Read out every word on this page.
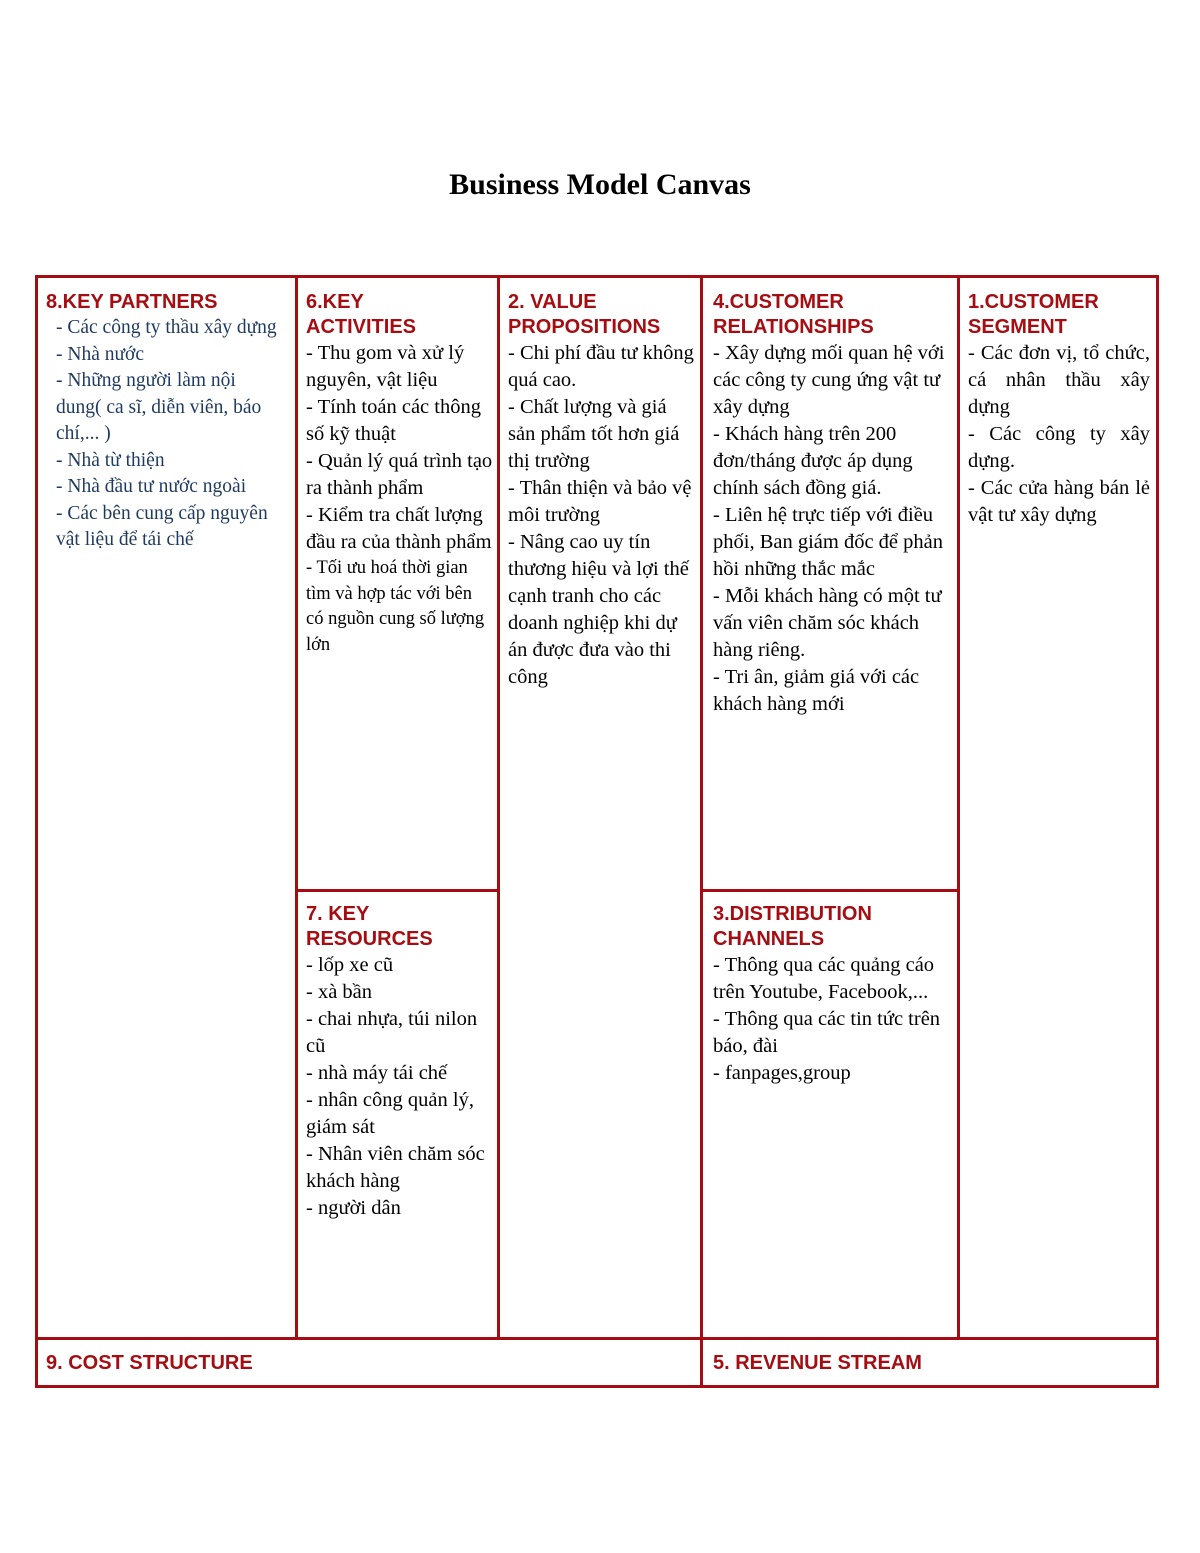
Business Model Canvas
8.KEY PARTNERS
- Các công ty thầu xây dựng
- Nhà nước
- Những người làm nội dung( ca sĩ, diễn viên, báo chí,... )
- Nhà từ thiện
- Nhà đầu tư nước ngoài
- Các bên cung cấp nguyên vật liệu để tái chế
6.KEY
ACTIVITIES
- Thu gom và xử lý nguyên, vật liệu
- Tính toán các thông số kỹ thuật
- Quản lý quá trình tạo ra thành phẩm
- Kiểm tra chất lượng đầu ra của thành phẩm
- Tối ưu hoá thời gian tìm và hợp tác với bên có nguồn cung số lượng lớn
7. KEY
RESOURCES
- lốp xe cũ
- xà bần
- chai nhựa, túi nilon cũ
- nhà máy tái chế
- nhân công quản lý, giám sát
- Nhân viên chăm sóc khách hàng
- người dân
2. VALUE
PROPOSITIONS
- Chi phí đầu tư không quá cao.
- Chất lượng và giá sản phẩm tốt hơn giá thị trường
- Thân thiện và bảo vệ môi trường
- Nâng cao uy tín thương hiệu và lợi thế cạnh tranh cho các doanh nghiệp khi dự án được đưa vào thi công
4.CUSTOMER
RELATIONSHIPS
- Xây dựng mối quan hệ với các công ty cung ứng vật tư xây dựng
- Khách hàng trên 200 đơn/tháng được áp dụng chính sách đồng giá.
- Liên hệ trực tiếp với điều phối, Ban giám đốc để phản hồi những thắc mắc
- Mỗi khách hàng có một tư vấn viên chăm sóc khách hàng riêng.
- Tri ân, giảm giá với các khách hàng mới
3.DISTRIBUTION
CHANNELS
- Thông qua các quảng cáo trên Youtube, Facebook,...
- Thông qua các tin tức trên báo, đài
- fanpages,group
1.CUSTOMER
SEGMENT
- Các đơn vị, tổ chức, cá nhân thầu xây dựng
- Các công ty xây dựng.
- Các cửa hàng bán lẻ vật tư xây dựng
9. COST STRUCTURE	5. REVENUE STREAM
